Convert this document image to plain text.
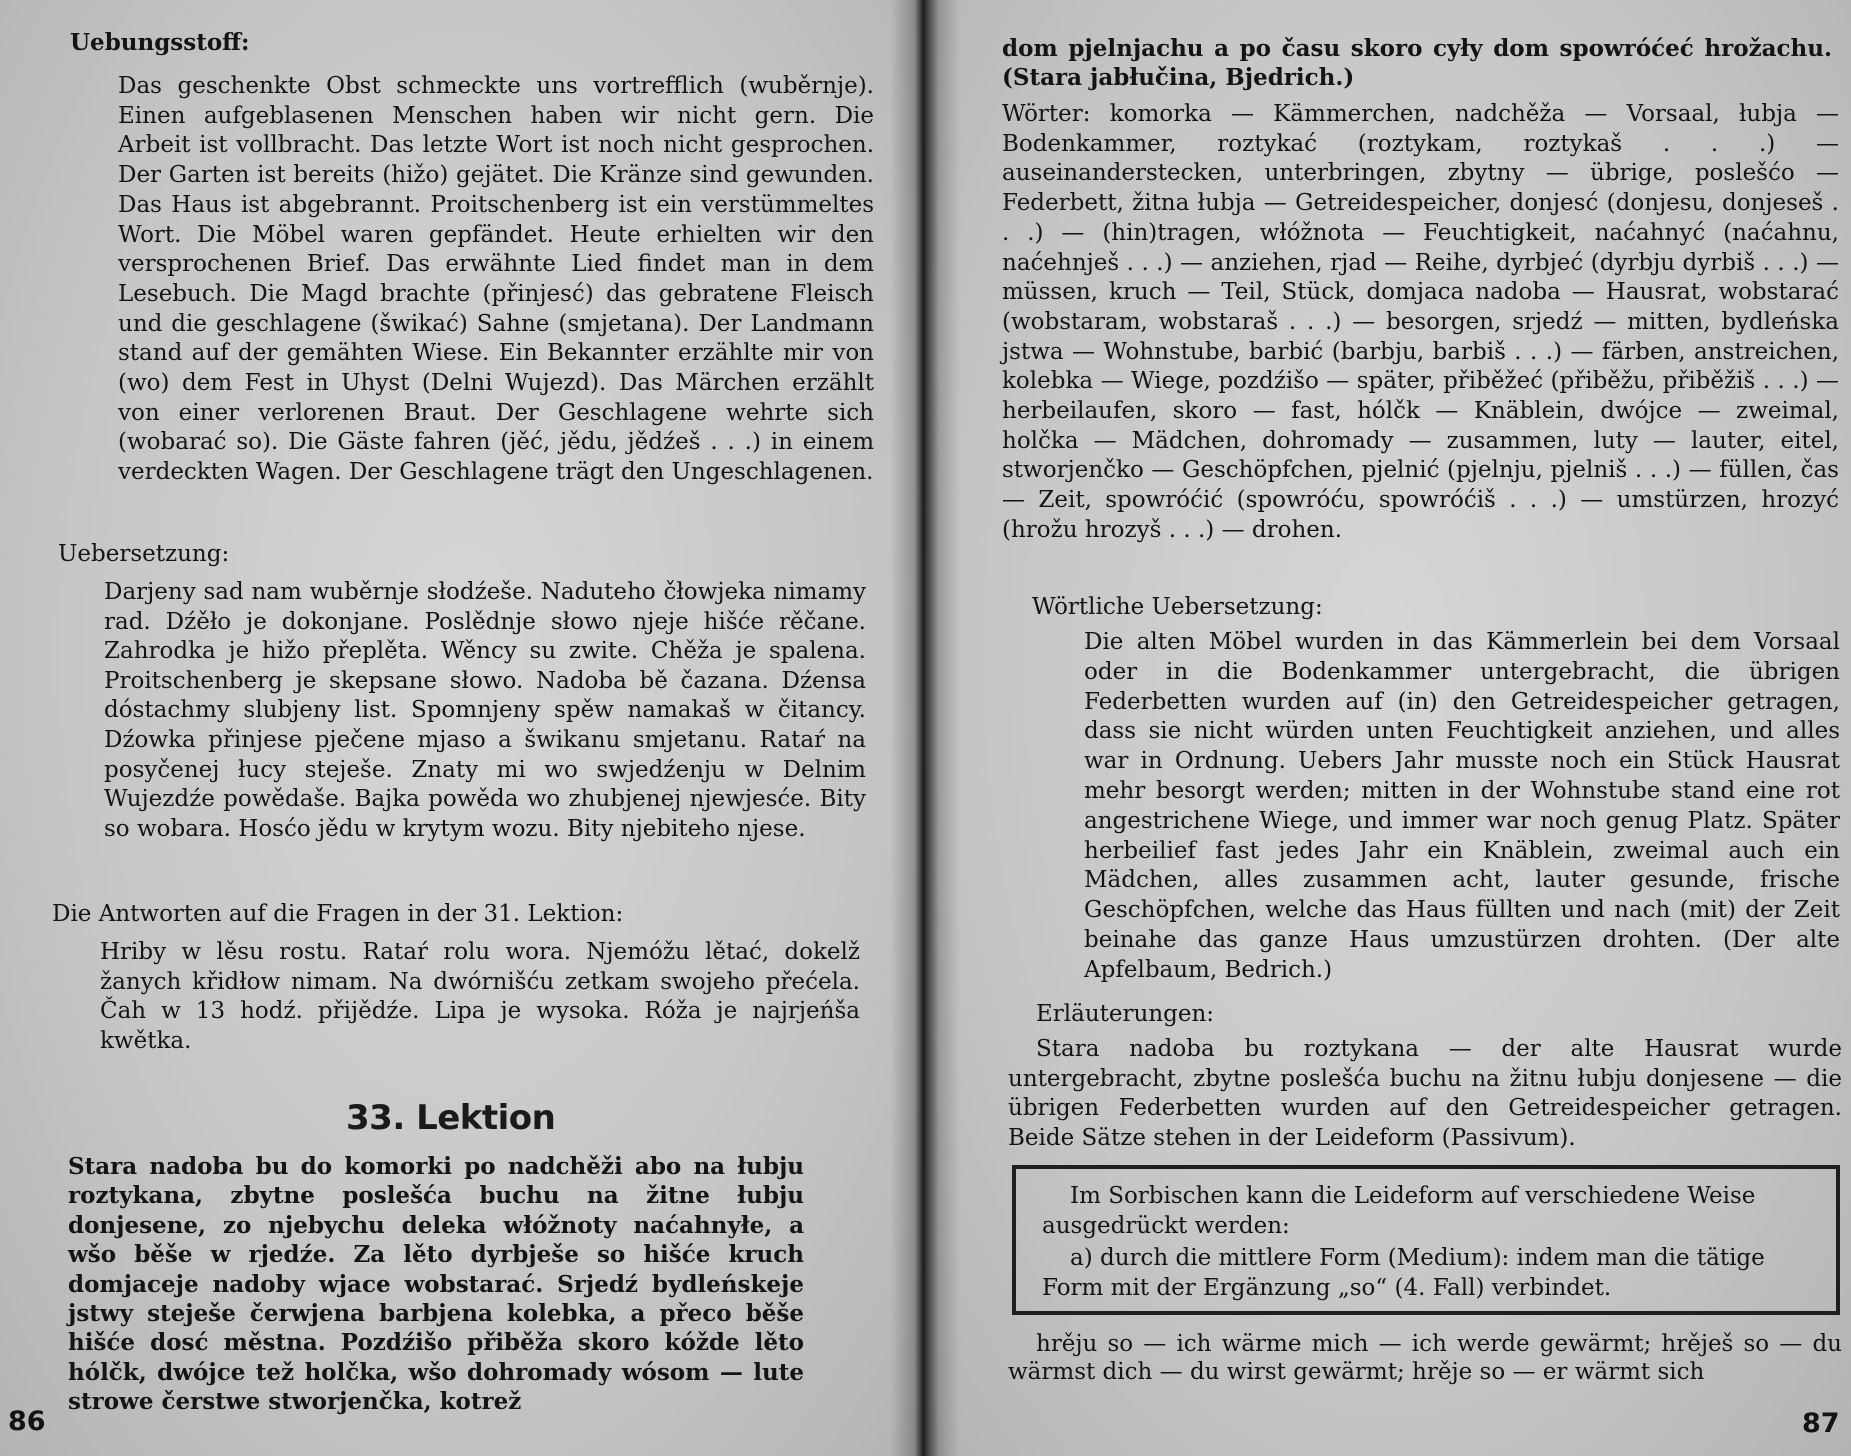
Uebungsstoff:
Das geschenkte Obst schmeckte uns vortrefflich (wuběrnje). Einen aufgeblasenen Menschen haben wir nicht gern. Die Arbeit ist vollbracht. Das letzte Wort ist noch nicht gesprochen. Der Garten ist bereits (hižo) gejätet. Die Kränze sind gewunden. Das Haus ist abgebrannt. Proitschenberg ist ein verstümmeltes Wort. Die Möbel waren gepfändet. Heute erhielten wir den versprochenen Brief. Das erwähnte Lied findet man in dem Lesebuch. Die Magd brachte (přinjesć) das gebratene Fleisch und die geschlagene (šwikać) Sahne (smjetana). Der Landmann stand auf der gemähten Wiese. Ein Bekannter erzählte mir von (wo) dem Fest in Uhyst (Delni Wujezd). Das Märchen erzählt von einer verlorenen Braut. Der Geschlagene wehrte sich (wobarać so). Die Gäste fahren (jěć, jědu, jědźeš . . .) in einem verdeckten Wagen. Der Geschlagene trägt den Ungeschlagenen.
Uebersetzung:
Darjeny sad nam wuběrnje słodźeše. Naduteho čłowjeka nimamy rad. Dźěło je dokonjane. Poslědnje słowo njeje hišće rěčane. Zahrodka je hižo přeplěta. Wěncy su zwite. Chěža je spalena. Proitschenberg je skepsane słowo. Nadoba bě čazana. Dźensa dóstachmy slubjeny list. Spomnjeny spěw namakaš w čitancy. Dźowka přinjese pječene mjaso a šwikanu smjetanu. Rataŕ na posyčenej łucy steješe. Znaty mi wo swjedźenju w Delnim Wujezdźe powědaše. Bajka powěda wo zhubjenej njewjesće. Bity so wobara. Hosćo jědu w krytym wozu. Bity njebiteho njese.
Die Antworten auf die Fragen in der 31. Lektion:
Hriby w lěsu rostu. Rataŕ rolu wora. Njemóžu lětać, dokelž žanych křidłow nimam. Na dwórnišću zetkam swojeho přećela. Čah w 13 hodź. přijědźe. Lipa je wysoka. Róža je najrjeńša kwětka.
33. Lektion
Stara nadoba bu do komorki po nadchěži abo na łubju roztykana, zbytne poslešća buchu na žitne łubju donjesene, zo njebychu deleka włóžnoty naćahnyłe, a wšo běše w rjedźe. Za lěto dyrbješe so hišće kruch domjaceje nadoby wjace wobstarać. Srjedź bydleńskeje jstwy steješe čerwjena barbjena kolebka, a přeco běše hišće dosć městna. Pozdźišo přiběža skoro kóžde lěto hólčk, dwójce tež holčka, wšo dohromady wósom — lute strowe čerstwe stworjenčka, kotrež
86
dom pjelnjachu a po času skoro cyły dom spowróćeć hrožachu. (Stara jabłučina, Bjedrich.)
Wörter: komorka — Kämmerchen, nadchěža — Vorsaal, łubja — Bodenkammer, roztykać (roztykam, roztykaš . . .) — auseinanderstecken, unterbringen, zbytny — übrige, poslešćo — Federbett, žitna łubja — Getreidespeicher, donjesć (donjesu, donjeseš . . .) — (hin)tragen, włóžnota — Feuchtigkeit, naćahnyć (naćahnu, naćehnješ . . .) — anziehen, rjad — Reihe, dyrbjeć (dyrbju dyrbiš . . .) — müssen, kruch — Teil, Stück, domjaca nadoba — Hausrat, wobstarać (wobstaram, wobstaraš . . .) — besorgen, srjedź — mitten, bydleńska jstwa — Wohnstube, barbić (barbju, barbiš . . .) — färben, anstreichen, kolebka — Wiege, pozdźišo — später, přiběžeć (přiběžu, přiběžiš . . .) — herbeilaufen, skoro — fast, hólčk — Knäblein, dwójce — zweimal, holčka — Mädchen, dohromady — zusammen, luty — lauter, eitel, stworjenčko — Geschöpfchen, pjelnić (pjelnju, pjelniš . . .) — füllen, čas — Zeit, spowróćić (spowróću, spowróćiš . . .) — umstürzen, hrozyć (hrožu hrozyš . . .) — drohen.
Wörtliche Uebersetzung:
Die alten Möbel wurden in das Kämmerlein bei dem Vorsaal oder in die Bodenkammer untergebracht, die übrigen Federbetten wurden auf (in) den Getreidespeicher getragen, dass sie nicht würden unten Feuchtigkeit anziehen, und alles war in Ordnung. Uebers Jahr musste noch ein Stück Hausrat mehr besorgt werden; mitten in der Wohnstube stand eine rot angestrichene Wiege, und immer war noch genug Platz. Später herbeilief fast jedes Jahr ein Knäblein, zweimal auch ein Mädchen, alles zusammen acht, lauter gesunde, frische Geschöpfchen, welche das Haus füllten und nach (mit) der Zeit beinahe das ganze Haus umzustürzen drohten. (Der alte Apfelbaum, Bedrich.)
Erläuterungen:
Stara nadoba bu roztykana — der alte Hausrat wurde untergebracht, zbytne poslešća buchu na žitnu łubju donjesene — die übrigen Federbetten wurden auf den Getreidespeicher getragen. Beide Sätze stehen in der Leideform (Passivum).
hrěju so — ich wärme mich — ich werde gewärmt; hrěješ so — du wärmst dich — du wirst gewärmt; hrěje so — er wärmt sich
87
Im Sorbischen kann die Leideform auf verschiedene Weise ausgedrückt werden:
a) durch die mittlere Form (Medium): indem man die tätige Form mit der Ergänzung „so“ (4. Fall) verbindet.
